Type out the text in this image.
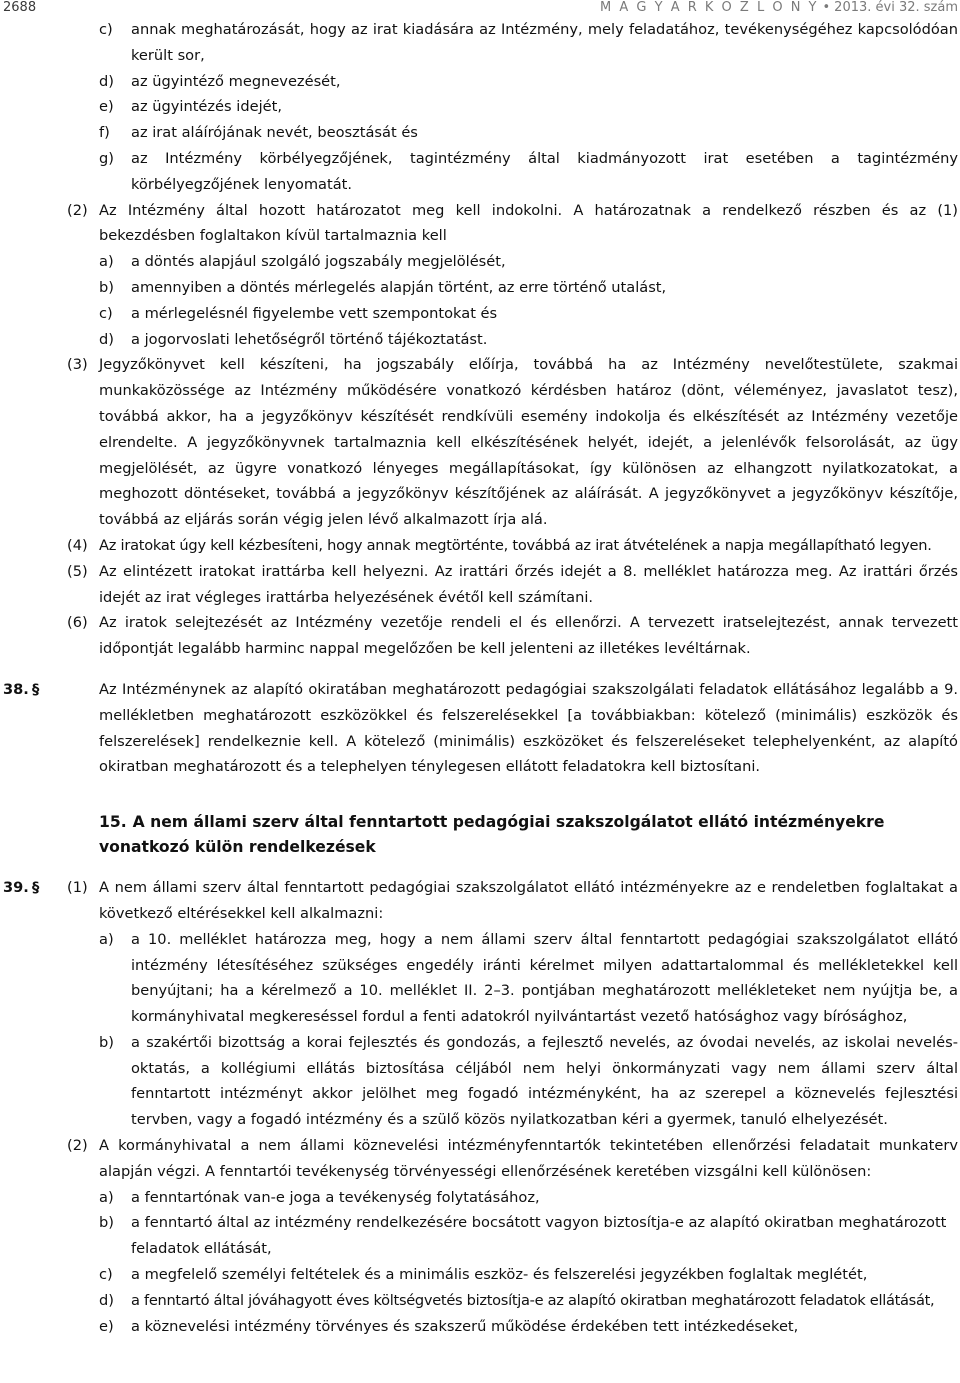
2688	M A G Y A R K Ö Z L Ö N Y • 2013. évi 32. szám
c) annak meghatározását, hogy az irat kiadására az Intézmény, mely feladatához, tevékenységéhez kapcsolódóan került sor,
d) az ügyintéző megnevezését,
e) az ügyintézés idejét,
f) az irat aláírójának nevét, beosztását és
g) az Intézmény körbélyegzőjének, tagintézmény által kiadmányozott irat esetében a tagintézmény körbélyegzőjének lenyomatát.
(2) Az Intézmény által hozott határozatot meg kell indokolni. A határozatnak a rendelkező részben és az (1) bekezdésben foglaltakon kívül tartalmaznia kell
a) a döntés alapjául szolgáló jogszabály megjelölését,
b) amennyiben a döntés mérlegelés alapján történt, az erre történő utalást,
c) a mérlegelésnél figyelembe vett szempontokat és
d) a jogorvoslati lehetőségről történő tájékoztatást.
(3) Jegyzőkönyvet kell készíteni, ha jogszabály előírja, továbbá ha az Intézmény nevelőtestülete, szakmai munkaközössége az Intézmény működésére vonatkozó kérdésben határoz (dönt, véleményez, javaslatot tesz), továbbá akkor, ha a jegyzőkönyv készítését rendkívüli esemény indokolja és elkészítését az Intézmény vezetője elrendelte. A jegyzőkönyvnek tartalmaznia kell elkészítésének helyét, idejét, a jelenlévők felsorolását, az ügy megjelölését, az ügyre vonatkozó lényeges megállapításokat, így különösen az elhangzott nyilatkozatokat, a meghozott döntéseket, továbbá a jegyzőkönyv készítőjének az aláírását. A jegyzőkönyvet a jegyzőkönyv készítője, továbbá az eljárás során végig jelen lévő alkalmazott írja alá.
(4) Az iratokat úgy kell kézbesíteni, hogy annak megtörténte, továbbá az irat átvételének a napja megállapítható legyen.
(5) Az elintézett iratokat irattárba kell helyezni. Az irattári őrzés idejét a 8. melléklet határozza meg. Az irattári őrzés idejét az irat végleges irattárba helyezésének évétől kell számítani.
(6) Az iratok selejtezését az Intézmény vezetője rendeli el és ellenőrzi. A tervezett iratselejtezést, annak tervezett időpontját legalább harminc nappal megelőzően be kell jelenteni az illetékes levéltárnak.
38. §	Az Intézménynek az alapító okiratában meghatározott pedagógiai szakszolgálati feladatok ellátásához legalább a 9. mellékletben meghatározott eszközökkel és felszerelésekkel [a továbbiakban: kötelező (minimális) eszközök és felszerelések] rendelkeznie kell. A kötelező (minimális) eszközöket és felszereléseket telephelyenként, az alapító okiratban meghatározott és a telephelyen ténylegesen ellátott feladatokra kell biztosítani.
15. A nem állami szerv által fenntartott pedagógiai szakszolgálatot ellátó intézményekre vonatkozó külön rendelkezések
39. § (1) A nem állami szerv által fenntartott pedagógiai szakszolgálatot ellátó intézményekre az e rendeletben foglaltakat a következő eltérésekkel kell alkalmazni:
a) a 10. melléklet határozza meg, hogy a nem állami szerv által fenntartott pedagógiai szakszolgálatot ellátó intézmény létesítéséhez szükséges engedély iránti kérelmet milyen adattartalommal és mellékletekkel kell benyújtani; ha a kérelmező a 10. melléklet II. 2–3. pontjában meghatározott mellékleteket nem nyújtja be, a kormányhivatal megkereséssel fordul a fenti adatokról nyilvántartást vezető hatósághoz vagy bírósághoz,
b) a szakértői bizottság a korai fejlesztés és gondozás, a fejlesztő nevelés, az óvodai nevelés, az iskolai nevelés-oktatás, a kollégiumi ellátás biztosítása céljából nem helyi önkormányzati vagy nem állami szerv által fenntartott intézményt akkor jelölhet meg fogadó intézményként, ha az szerepel a köznevelés fejlesztési tervben, vagy a fogadó intézmény és a szülő közös nyilatkozatban kéri a gyermek, tanuló elhelyezését.
(2) A kormányhivatal a nem állami köznevelési intézményfenntartók tekintetében ellenőrzési feladatait munkaterv alapján végzi. A fenntartói tevékenység törvényességi ellenőrzésének keretében vizsgálni kell különösen:
a) a fenntartónak van-e joga a tevékenység folytatásához,
b) a fenntartó által az intézmény rendelkezésére bocsátott vagyon biztosítja-e az alapító okiratban meghatározott feladatok ellátását,
c) a megfelelő személyi feltételek és a minimális eszköz- és felszerelési jegyzékben foglaltak meglétét,
d) a fenntartó által jóváhagyott éves költségvetés biztosítja-e az alapító okiratban meghatározott feladatok ellátását,
e) a köznevelési intézmény törvényes és szakszerű működése érdekében tett intézkedéseket,
